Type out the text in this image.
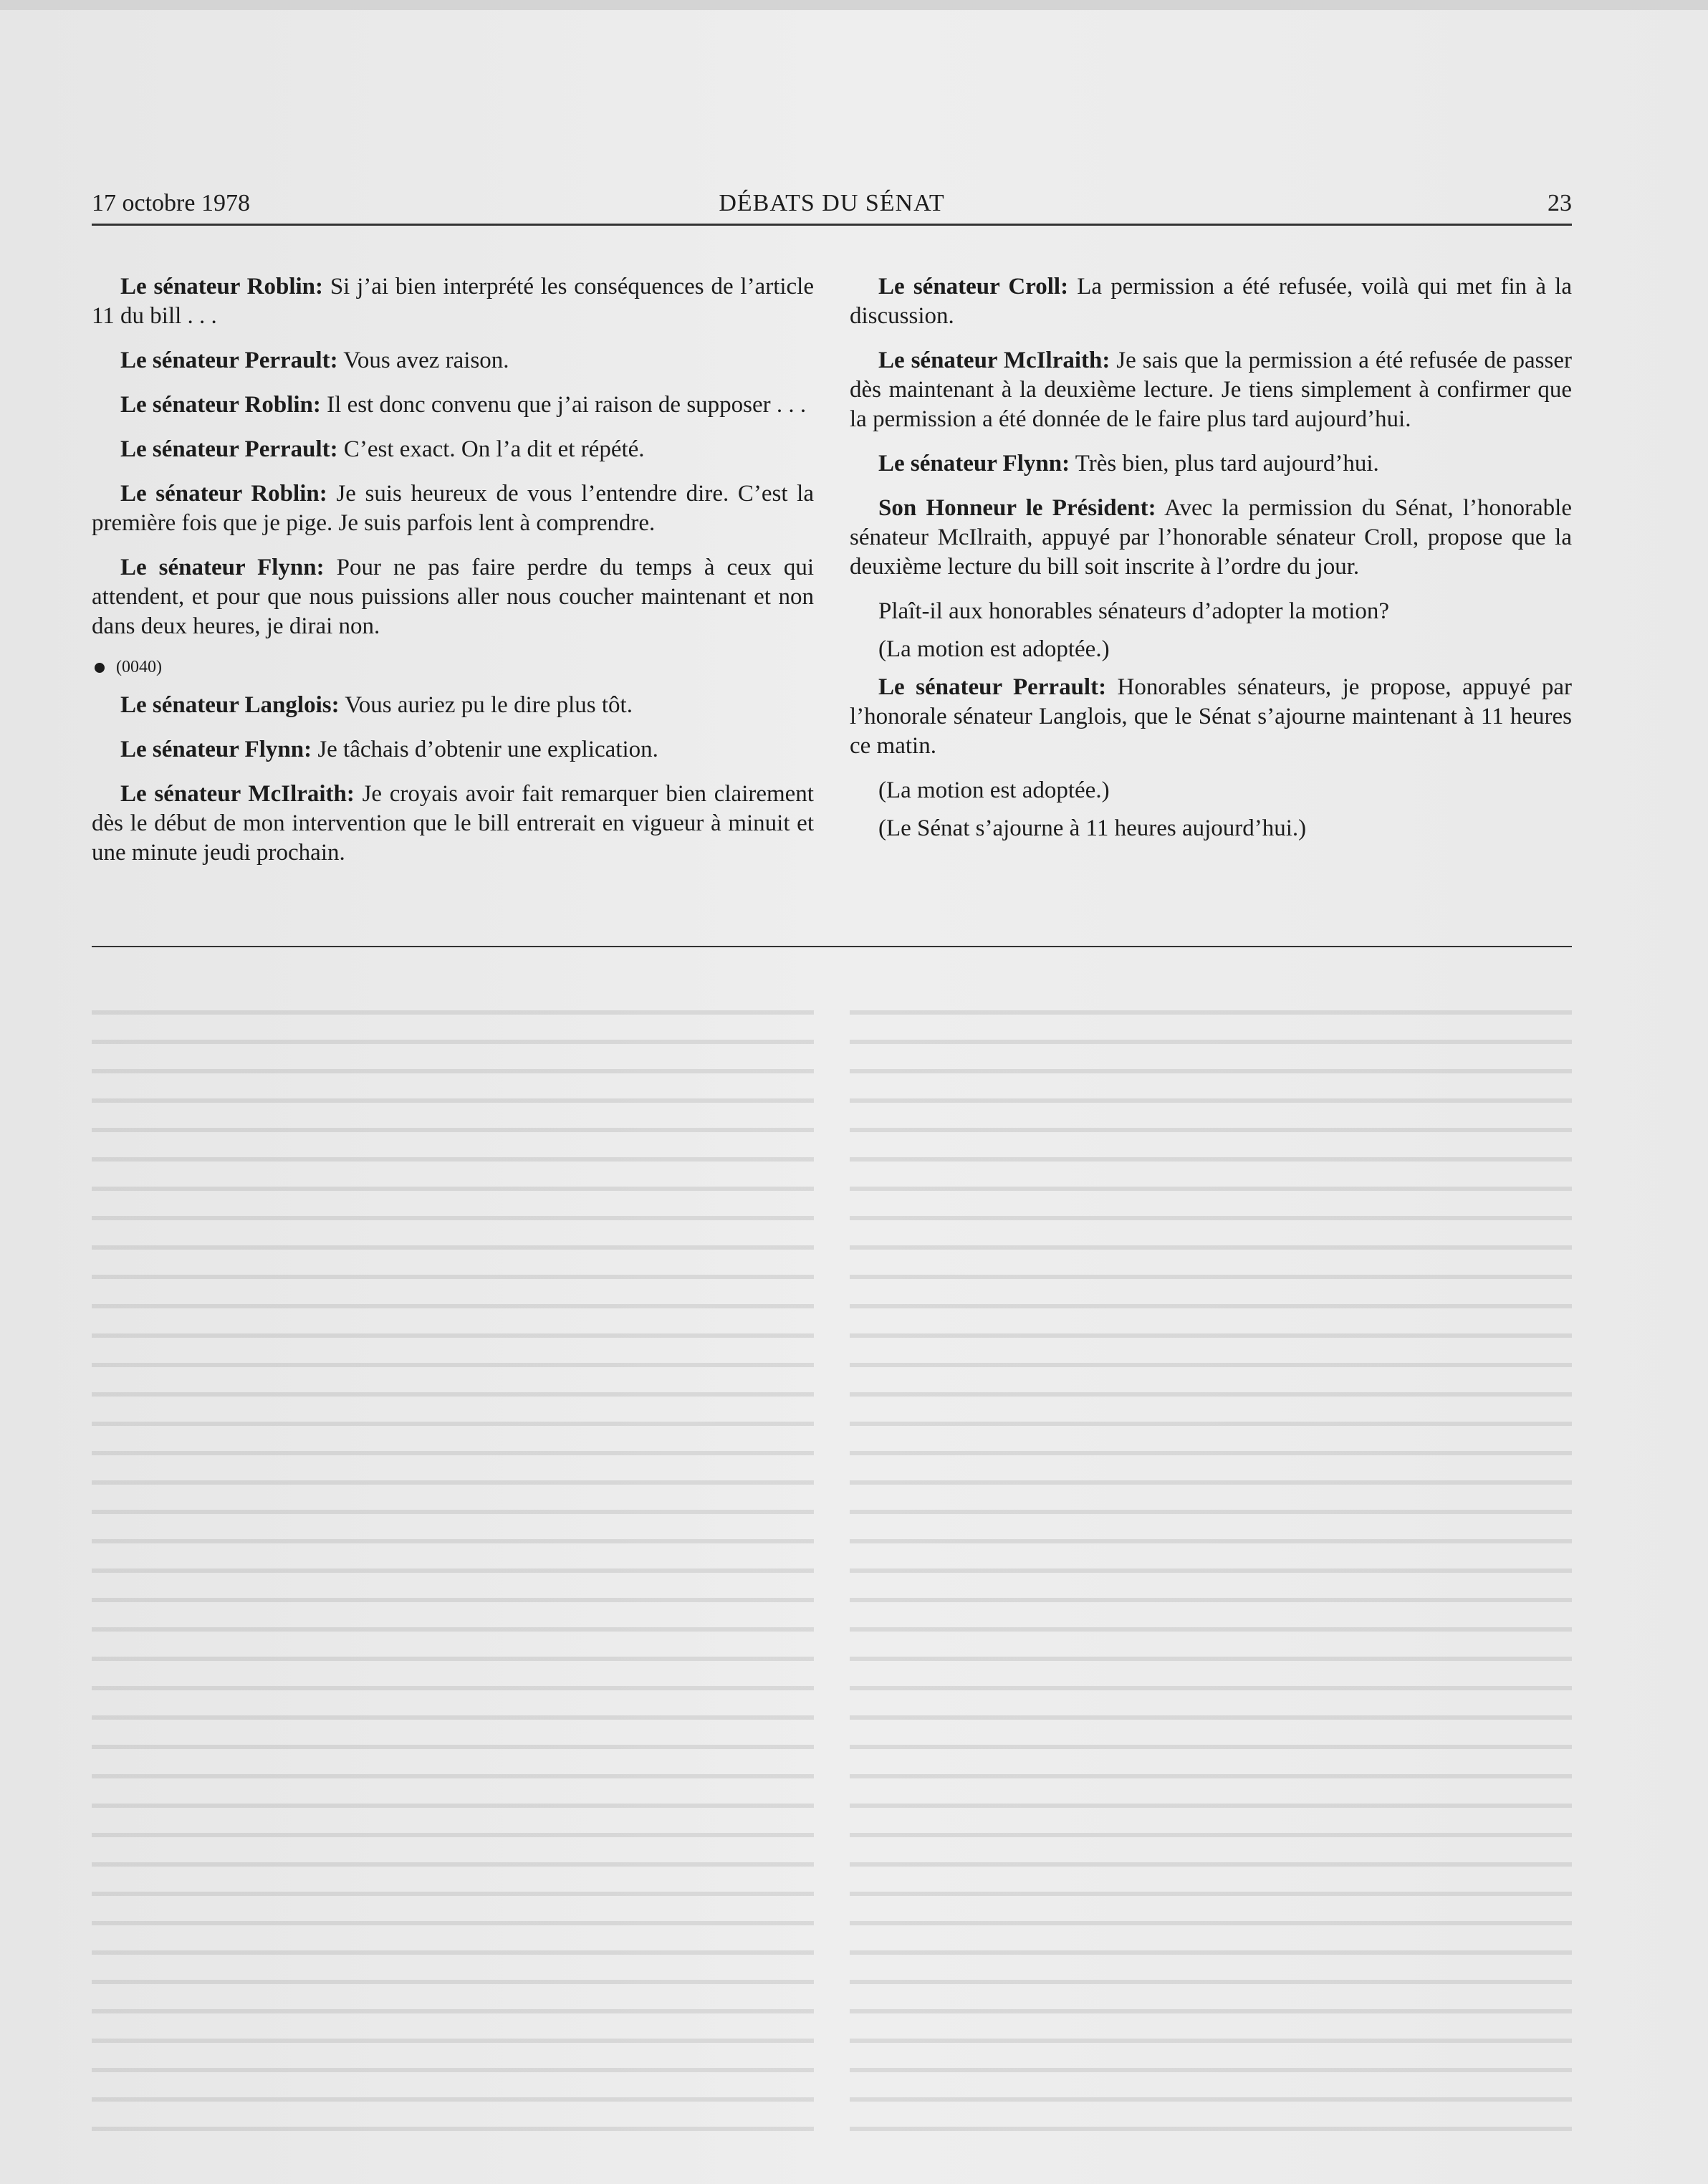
17 octobre 1978	DÉBATS DU SÉNAT	23

Le sénateur Roblin: Si j’ai bien interprété les conséquences de l’article 11 du bill . . .

Le sénateur Perrault: Vous avez raison.

Le sénateur Roblin: Il est donc convenu que j’ai raison de supposer . . .

Le sénateur Perrault: C’est exact. On l’a dit et répété.

Le sénateur Roblin: Je suis heureux de vous l’entendre dire. C’est la première fois que je pige. Je suis parfois lent à comprendre.

Le sénateur Flynn: Pour ne pas faire perdre du temps à ceux qui attendent, et pour que nous puissions aller nous coucher maintenant et non dans deux heures, je dirai non.

(0040)

Le sénateur Langlois: Vous auriez pu le dire plus tôt.

Le sénateur Flynn: Je tâchais d’obtenir une explication.

Le sénateur McIlraith: Je croyais avoir fait remarquer bien clairement dès le début de mon intervention que le bill entrerait en vigueur à minuit et une minute jeudi prochain.

Le sénateur Croll: La permission a été refusée, voilà qui met fin à la discussion.

Le sénateur McIlraith: Je sais que la permission a été refusée de passer dès maintenant à la deuxième lecture. Je tiens simplement à confirmer que la permission a été donnée de le faire plus tard aujourd’hui.

Le sénateur Flynn: Très bien, plus tard aujourd’hui.

Son Honneur le Président: Avec la permission du Sénat, l’honorable sénateur McIlraith, appuyé par l’honorable sénateur Croll, propose que la deuxième lecture du bill soit inscrite à l’ordre du jour.

Plaît-il aux honorables sénateurs d’adopter la motion?

(La motion est adoptée.)

Le sénateur Perrault: Honorables sénateurs, je propose, appuyé par l’honorale sénateur Langlois, que le Sénat s’ajourne maintenant à 11 heures ce matin.

(La motion est adoptée.)

(Le Sénat s’ajourne à 11 heures aujourd’hui.)
